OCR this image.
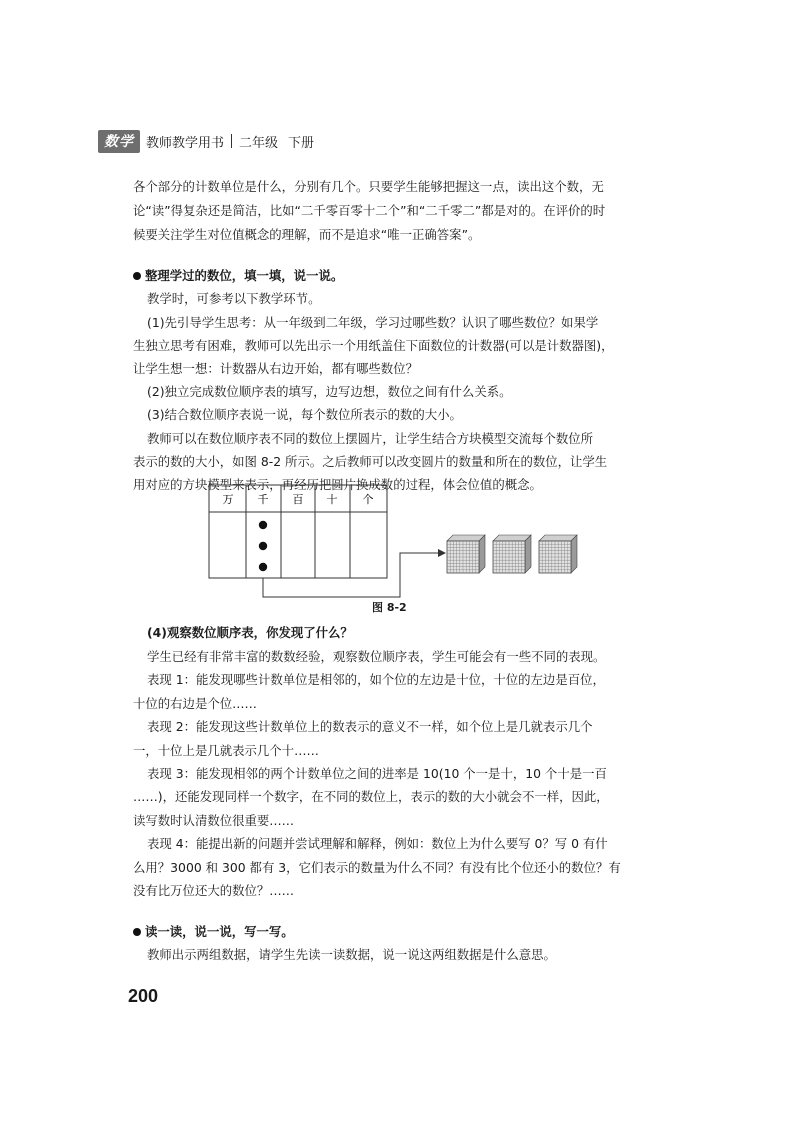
数学 教师教学用书 二年级 下册
各个部分的计数单位是什么，分别有几个。只要学生能够把握这一点，读出这个数，无
论“读”得复杂还是简洁，比如“二千零百零十二个”和“二千零二”都是对的。在评价的时
候要关注学生对位值概念的理解，而不是追求“唯一正确答案”。
整理学过的数位，填一填，说一说。
教学时，可参考以下教学环节。
(1)先引导学生思考：从一年级到二年级，学习过哪些数？认识了哪些数位？如果学
生独立思考有困难，教师可以先出示一个用纸盖住下面数位的计数器(可以是计数器图)，
让学生想一想：计数器从右边开始，都有哪些数位？
(2)独立完成数位顺序表的填写，边写边想，数位之间有什么关系。
(3)结合数位顺序表说一说，每个数位所表示的数的大小。
教师可以在数位顺序表不同的数位上摆圆片，让学生结合方块模型交流每个数位所
表示的数的大小，如图 8-2 所示。之后教师可以改变圆片的数量和所在的数位，让学生
用对应的方块模型来表示，再经历把圆片换成数的过程，体会位值的概念。
万 千 百 十 个
图 8-2
(4)观察数位顺序表，你发现了什么？
学生已经有非常丰富的数数经验，观察数位顺序表，学生可能会有一些不同的表现。
表现 1：能发现哪些计数单位是相邻的，如个位的左边是十位，十位的左边是百位，
十位的右边是个位……
表现 2：能发现这些计数单位上的数表示的意义不一样，如个位上是几就表示几个
一，十位上是几就表示几个十……
表现 3：能发现相邻的两个计数单位之间的进率是 10(10 个一是十，10 个十是一百
……)，还能发现同样一个数字，在不同的数位上，表示的数的大小就会不一样，因此，
读写数时认清数位很重要……
表现 4：能提出新的问题并尝试理解和解释，例如：数位上为什么要写 0？写 0 有什
么用？3000 和 300 都有 3，它们表示的数量为什么不同？有没有比个位还小的数位？有
没有比万位还大的数位？……
读一读，说一说，写一写。
教师出示两组数据，请学生先读一读数据，说一说这两组数据是什么意思。
200
